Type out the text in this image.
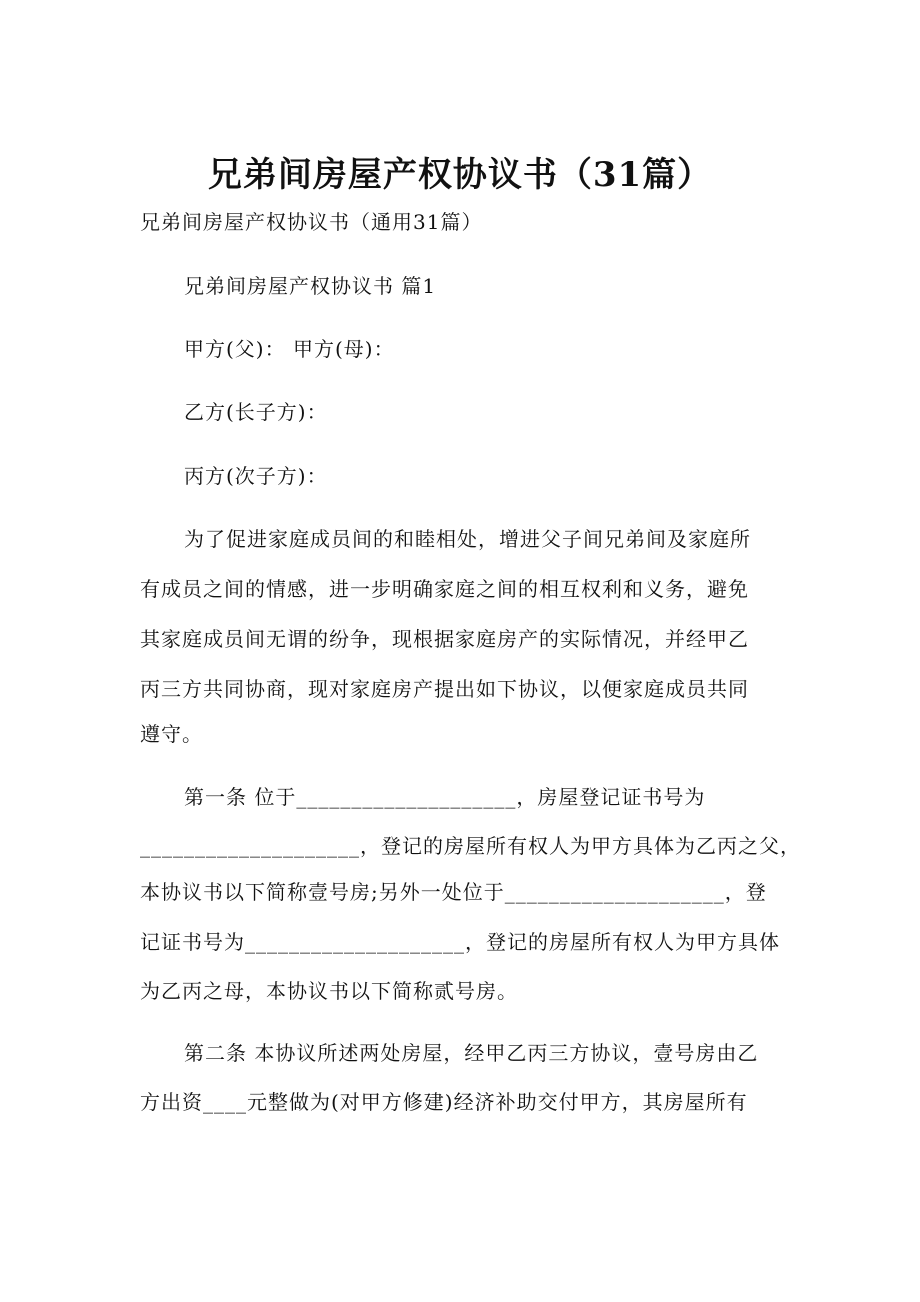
兄弟间房屋产权协议书（31篇）
兄弟间房屋产权协议书（通用31篇）
兄弟间房屋产权协议书 篇1
甲方(父)： 甲方(母)：
乙方(长子方)：
丙方(次子方)：
为了促进家庭成员间的和睦相处，增进父子间兄弟间及家庭所
有成员之间的情感，进一步明确家庭之间的相互权利和义务，避免
其家庭成员间无谓的纷争，现根据家庭房产的实际情况，并经甲乙
丙三方共同协商，现对家庭房产提出如下协议，以便家庭成员共同
遵守。
第一条 位于____________________，房屋登记证书号为
____________________，登记的房屋所有权人为甲方具体为乙丙之父，
本协议书以下简称壹号房;另外一处位于____________________，登
记证书号为____________________，登记的房屋所有权人为甲方具体
为乙丙之母，本协议书以下简称贰号房。
第二条 本协议所述两处房屋，经甲乙丙三方协议，壹号房由乙
方出资____元整做为(对甲方修建)经济补助交付甲方，其房屋所有
